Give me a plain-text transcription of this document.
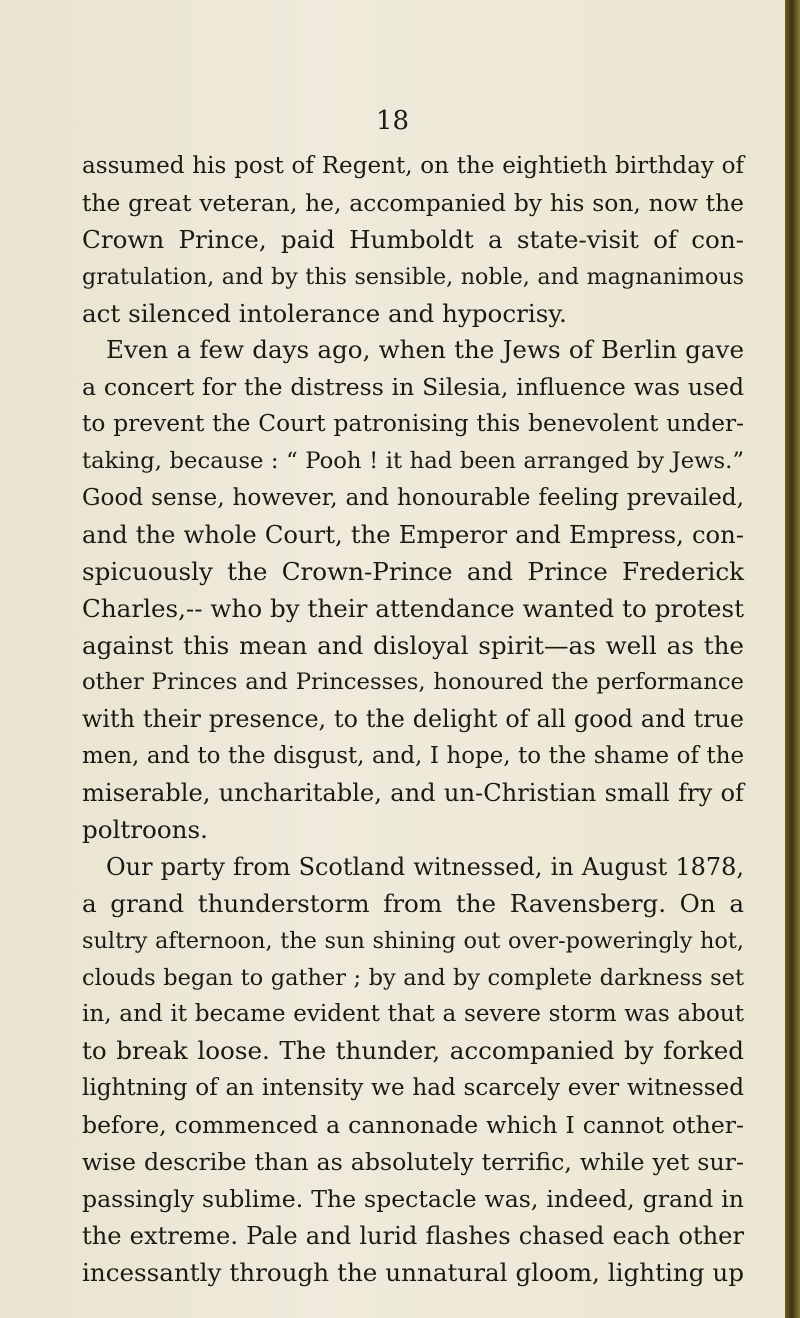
18

assumed his post of Regent, on the eightieth birthday of
the great veteran, he, accompanied by his son, now the
Crown Prince, paid Humboldt a state-visit of con-
gratulation, and by this sensible, noble, and magnanimous
act silenced intolerance and hypocrisy.
Even a few days ago, when the Jews of Berlin gave
a concert for the distress in Silesia, influence was used
to prevent the Court patronising this benevolent under-
taking, because : “ Pooh ! it had been arranged by Jews.”
Good sense, however, and honourable feeling prevailed,
and the whole Court, the Emperor and Empress, con-
spicuously the Crown-Prince and Prince Frederick
Charles,-- who by their attendance wanted to protest
against this mean and disloyal spirit—as well as the
other Princes and Princesses, honoured the performance
with their presence, to the delight of all good and true
men, and to the disgust, and, I hope, to the shame of the
miserable, uncharitable, and un-Christian small fry of
poltroons.
Our party from Scotland witnessed, in August 1878,
a grand thunderstorm from the Ravensberg. On a
sultry afternoon, the sun shining out over-poweringly hot,
clouds began to gather ; by and by complete darkness set
in, and it became evident that a severe storm was about
to break loose. The thunder, accompanied by forked
lightning of an intensity we had scarcely ever witnessed
before, commenced a cannonade which I cannot other-
wise describe than as absolutely terrific, while yet sur-
passingly sublime. The spectacle was, indeed, grand in
the extreme. Pale and lurid flashes chased each other
incessantly through the unnatural gloom, lighting up
